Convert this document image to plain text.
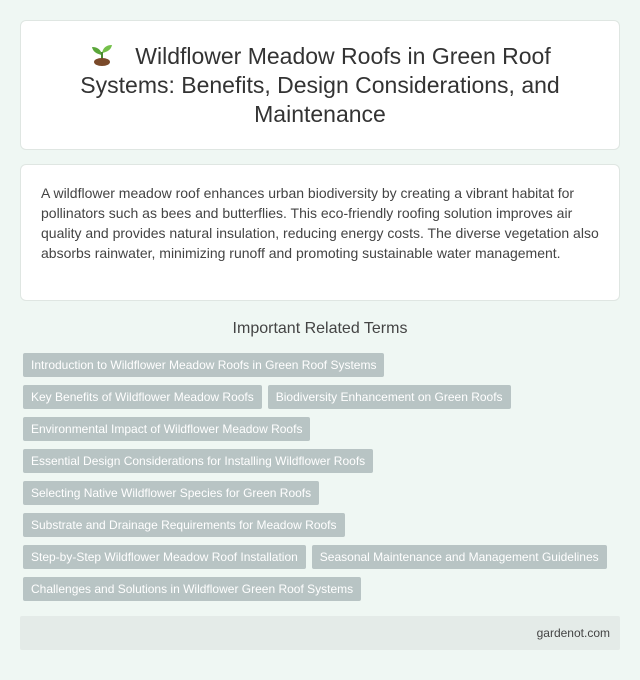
Wildflower Meadow Roofs in Green Roof Systems: Benefits, Design Considerations, and Maintenance

A wildflower meadow roof enhances urban biodiversity by creating a vibrant habitat for pollinators such as bees and butterflies. This eco-friendly roofing solution improves air quality and provides natural insulation, reducing energy costs. The diverse vegetation also absorbs rainwater, minimizing runoff and promoting sustainable water management.

Important Related Terms
Introduction to Wildflower Meadow Roofs in Green Roof Systems
Key Benefits of Wildflower Meadow Roofs	Biodiversity Enhancement on Green Roofs
Environmental Impact of Wildflower Meadow Roofs
Essential Design Considerations for Installing Wildflower Roofs
Selecting Native Wildflower Species for Green Roofs
Substrate and Drainage Requirements for Meadow Roofs
Step-by-Step Wildflower Meadow Roof Installation	Seasonal Maintenance and Management Guidelines
Challenges and Solutions in Wildflower Green Roof Systems
gardenot.com
